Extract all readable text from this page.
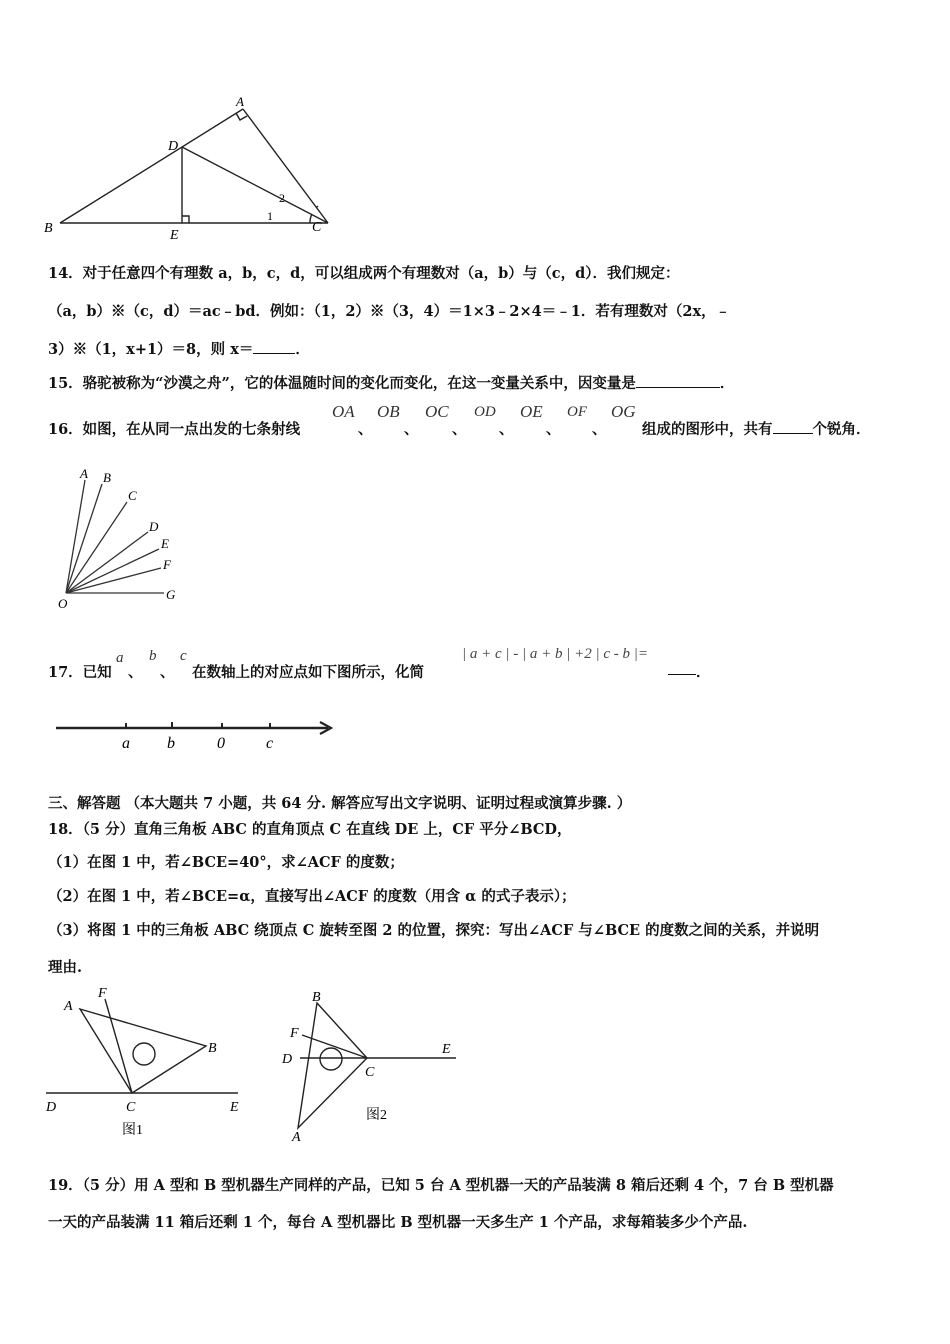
A
D
B	E
C
1
2
14．对于任意四个有理数 a，b，c，d，可以组成两个有理数对（a，b）与（c，d）．我们规定：
（a，b）※（c，d）＝ac﹣bd．例如：（1，2）※（3，4）＝1×3﹣2×4＝﹣1．若有理数对（2x，﹣
3）※（1，x+1）＝8，则 x＝	．
15．骆驼被称为“沙漠之舟”，它的体温随时间的变化而变化，在这一变量关系中，因变量是	．
16．如图，在从同一点出发的七条射线
OA
、
OB
、
OC
、
OD
、
OE
、
OF
、
OG
组成的图形中，共有	个锐角．
A B
C
D
E
F
G
O
17．已知
a
、
b
、
c
在数轴上的对应点如下图所示，化简
| a + c | - | a + b | +2 | c - b |=
．
a b	0	c
三、解答题 （本大题共 7 小题，共 64 分. 解答应写出文字说明、证明过程或演算步骤. ）
18．（5 分）直角三角板 ABC 的直角顶点 C 在直线 DE 上，CF 平分∠BCD，
（1）在图 1 中，若∠BCE=40°，求∠ACF 的度数；
（2）在图 1 中，若∠BCE=α，直接写出∠ACF 的度数（用含 α 的式子表示）；
（3）将图 1 中的三角板 ABC 绕顶点 C 旋转至图 2 的位置，探究：写出∠ACF 与∠BCE 的度数之间的关系，并说明
理由.
A
F
B
D	C	E
图1
B
F
D
C
E
A
图2
19．（5 分）用 A 型和 B 型机器生产同样的产品，已知 5 台 A 型机器一天的产品装满 8 箱后还剩 4 个，7 台 B 型机器
一天的产品装满 11 箱后还剩 1 个，每台 A 型机器比 B 型机器一天多生产 1 个产品，求每箱装多少个产品.
